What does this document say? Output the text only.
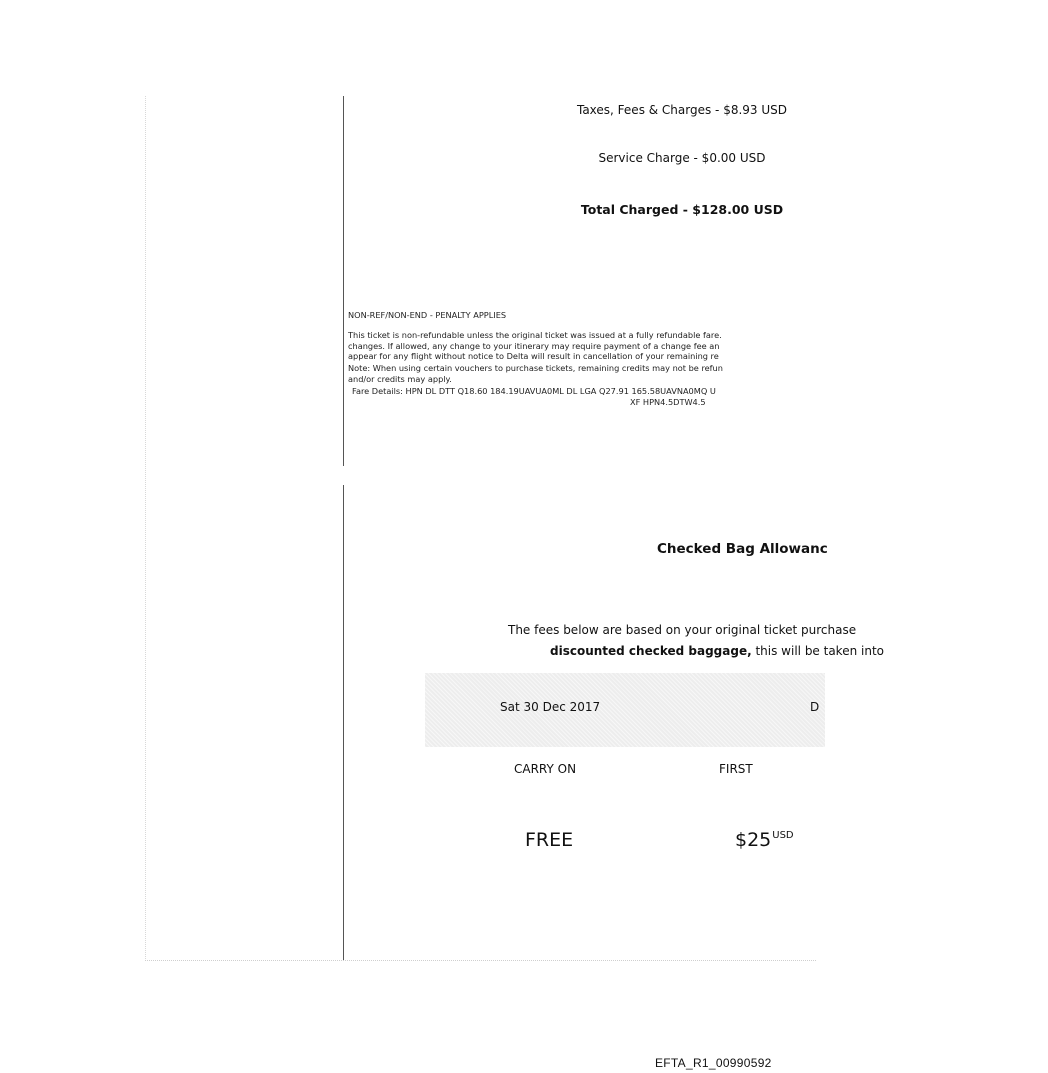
Taxes, Fees & Charges - $8.93 USD
Service Charge - $0.00 USD
Total Charged - $128.00 USD
NON-REF/NON-END - PENALTY APPLIES
This ticket is non-refundable unless the original ticket was issued at a fully refundable fare.
changes. If allowed, any change to your itinerary may require payment of a change fee an
appear for any flight without notice to Delta will result in cancellation of your remaining re
Note: When using certain vouchers to purchase tickets, remaining credits may not be refun
and/or credits may apply.
Fare Details: HPN DL DTT Q18.60 184.19UAVUA0ML DL LGA Q27.91 165.58UAVNA0MQ U
XF HPN4.5DTW4.5
Checked Bag Allowanc
The fees below are based on your original ticket purchase
discounted checked baggage, this will be taken into
Sat 30 Dec 2017	D
CARRY ON	FIRST
FREE	$\$25^{USD}$
EFTA_R1_00990592
